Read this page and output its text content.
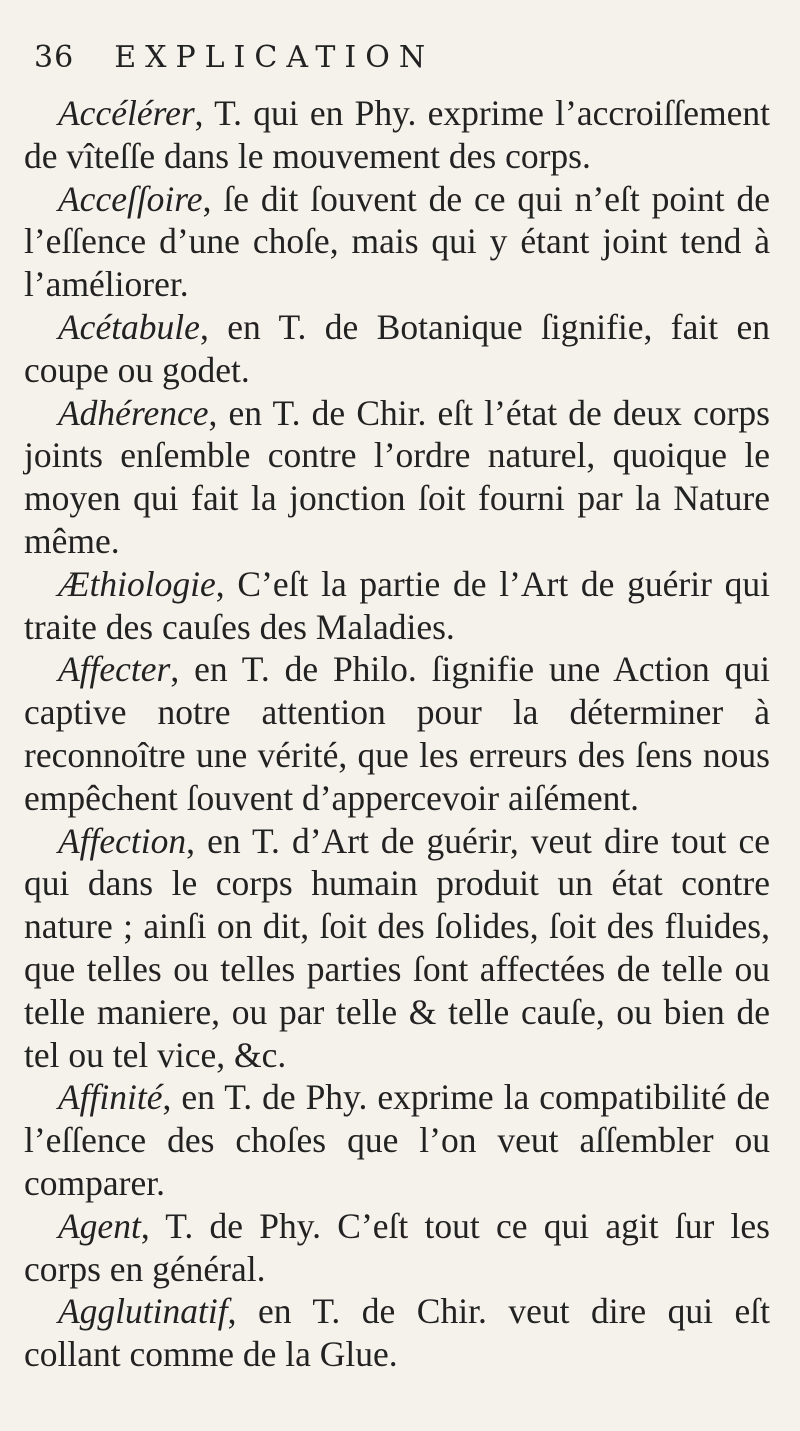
36 EXPLICATION

Accélérer, T. qui en Phy. exprime l’accroiſſement de vîteſſe dans le mouvement des corps.

Acceſſoire, ſe dit ſouvent de ce qui n’eſt point de l’eſſence d’une choſe, mais qui y étant joint tend à l’améliorer.

Acétabule, en T. de Botanique ſignifie, fait en coupe ou godet.

Adhérence, en T. de Chir. eſt l’état de deux corps joints enſemble contre l’ordre naturel, quoique le moyen qui fait la jonction ſoit fourni par la Nature même.

Æthiologie, C’eſt la partie de l’Art de guérir qui traite des cauſes des Maladies.

Affecter, en T. de Philo. ſignifie une Action qui captive notre attention pour la déterminer à reconnoître une vérité, que les erreurs des ſens nous empêchent ſouvent d’appercevoir aiſément.

Affection, en T. d’Art de guérir, veut dire tout ce qui dans le corps humain produit un état contre nature ; ainſi on dit, ſoit des ſolides, ſoit des fluides, que telles ou telles parties ſont affectées de telle ou telle maniere, ou par telle & telle cauſe, ou bien de tel ou tel vice, &c.

Affinité, en T. de Phy. exprime la compatibilité de l’eſſence des choſes que l’on veut aſſembler ou comparer.

Agent, T. de Phy. C’eſt tout ce qui agit ſur les corps en général.

Agglutinatif, en T. de Chir. veut dire qui eſt collant comme de la Glue.
